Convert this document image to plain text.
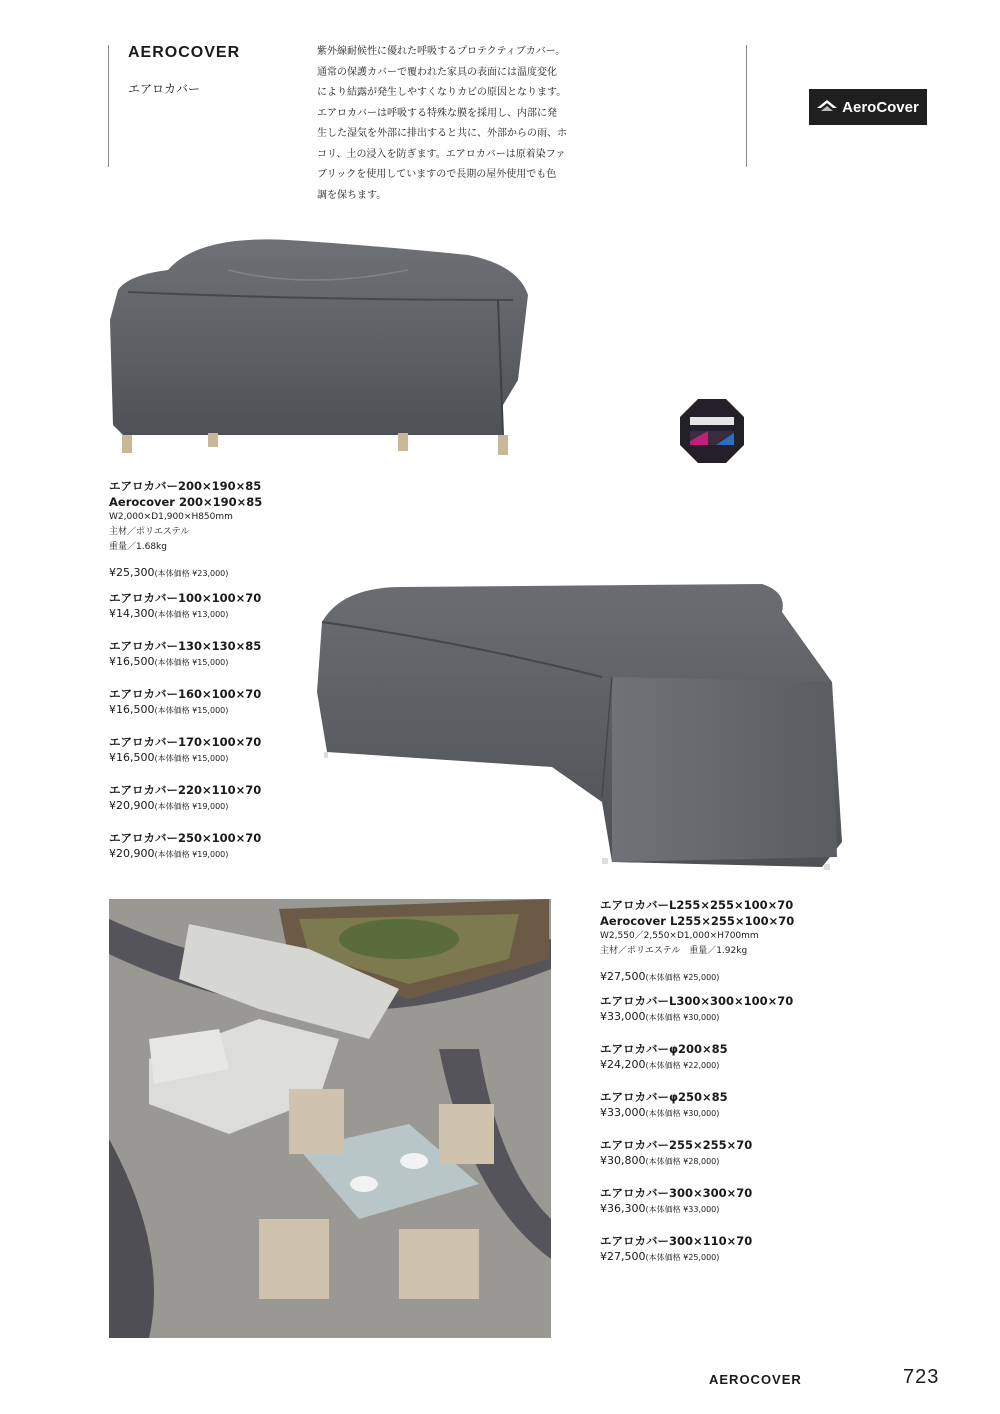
AEROCOVER
エアロカバー
紫外線耐候性に優れた呼吸するプロテクティブカバー。
通常の保護カバーで覆われた家具の表面には温度変化
により結露が発生しやすくなりカビの原因となります。
エアロカバーは呼吸する特殊な膜を採用し、内部に発
生した湿気を外部に排出すると共に、外部からの雨、ホ
コリ、土の浸入を防ぎます。エアロカバーは原着染ファ
ブリックを使用していますので長期の屋外使用でも色
調を保ちます。
AeroCover
エアロカバー200×190×85
Aerocover 200×190×85
W2,000×D1,900×H850mm
主材／ポリエステル
重量／1.68kg
¥25,300(本体価格 ¥23,000)
エアロカバー100×100×70
¥14,300(本体価格 ¥13,000)
エアロカバー130×130×85
¥16,500(本体価格 ¥15,000)
エアロカバー160×100×70
¥16,500(本体価格 ¥15,000)
エアロカバー170×100×70
¥16,500(本体価格 ¥15,000)
エアロカバー220×110×70
¥20,900(本体価格 ¥19,000)
エアロカバー250×100×70
¥20,900(本体価格 ¥19,000)
エアロカバーL255×255×100×70
Aerocover L255×255×100×70
W2,550／2,550×D1,000×H700mm
主材／ポリエステル　重量／1.92kg
¥27,500(本体価格 ¥25,000)
エアロカバーL300×300×100×70
¥33,000(本体価格 ¥30,000)
エアロカバーφ200×85
¥24,200(本体価格 ¥22,000)
エアロカバーφ250×85
¥33,000(本体価格 ¥30,000)
エアロカバー255×255×70
¥30,800(本体価格 ¥28,000)
エアロカバー300×300×70
¥36,300(本体価格 ¥33,000)
エアロカバー300×110×70
¥27,500(本体価格 ¥25,000)
AEROCOVER	723
